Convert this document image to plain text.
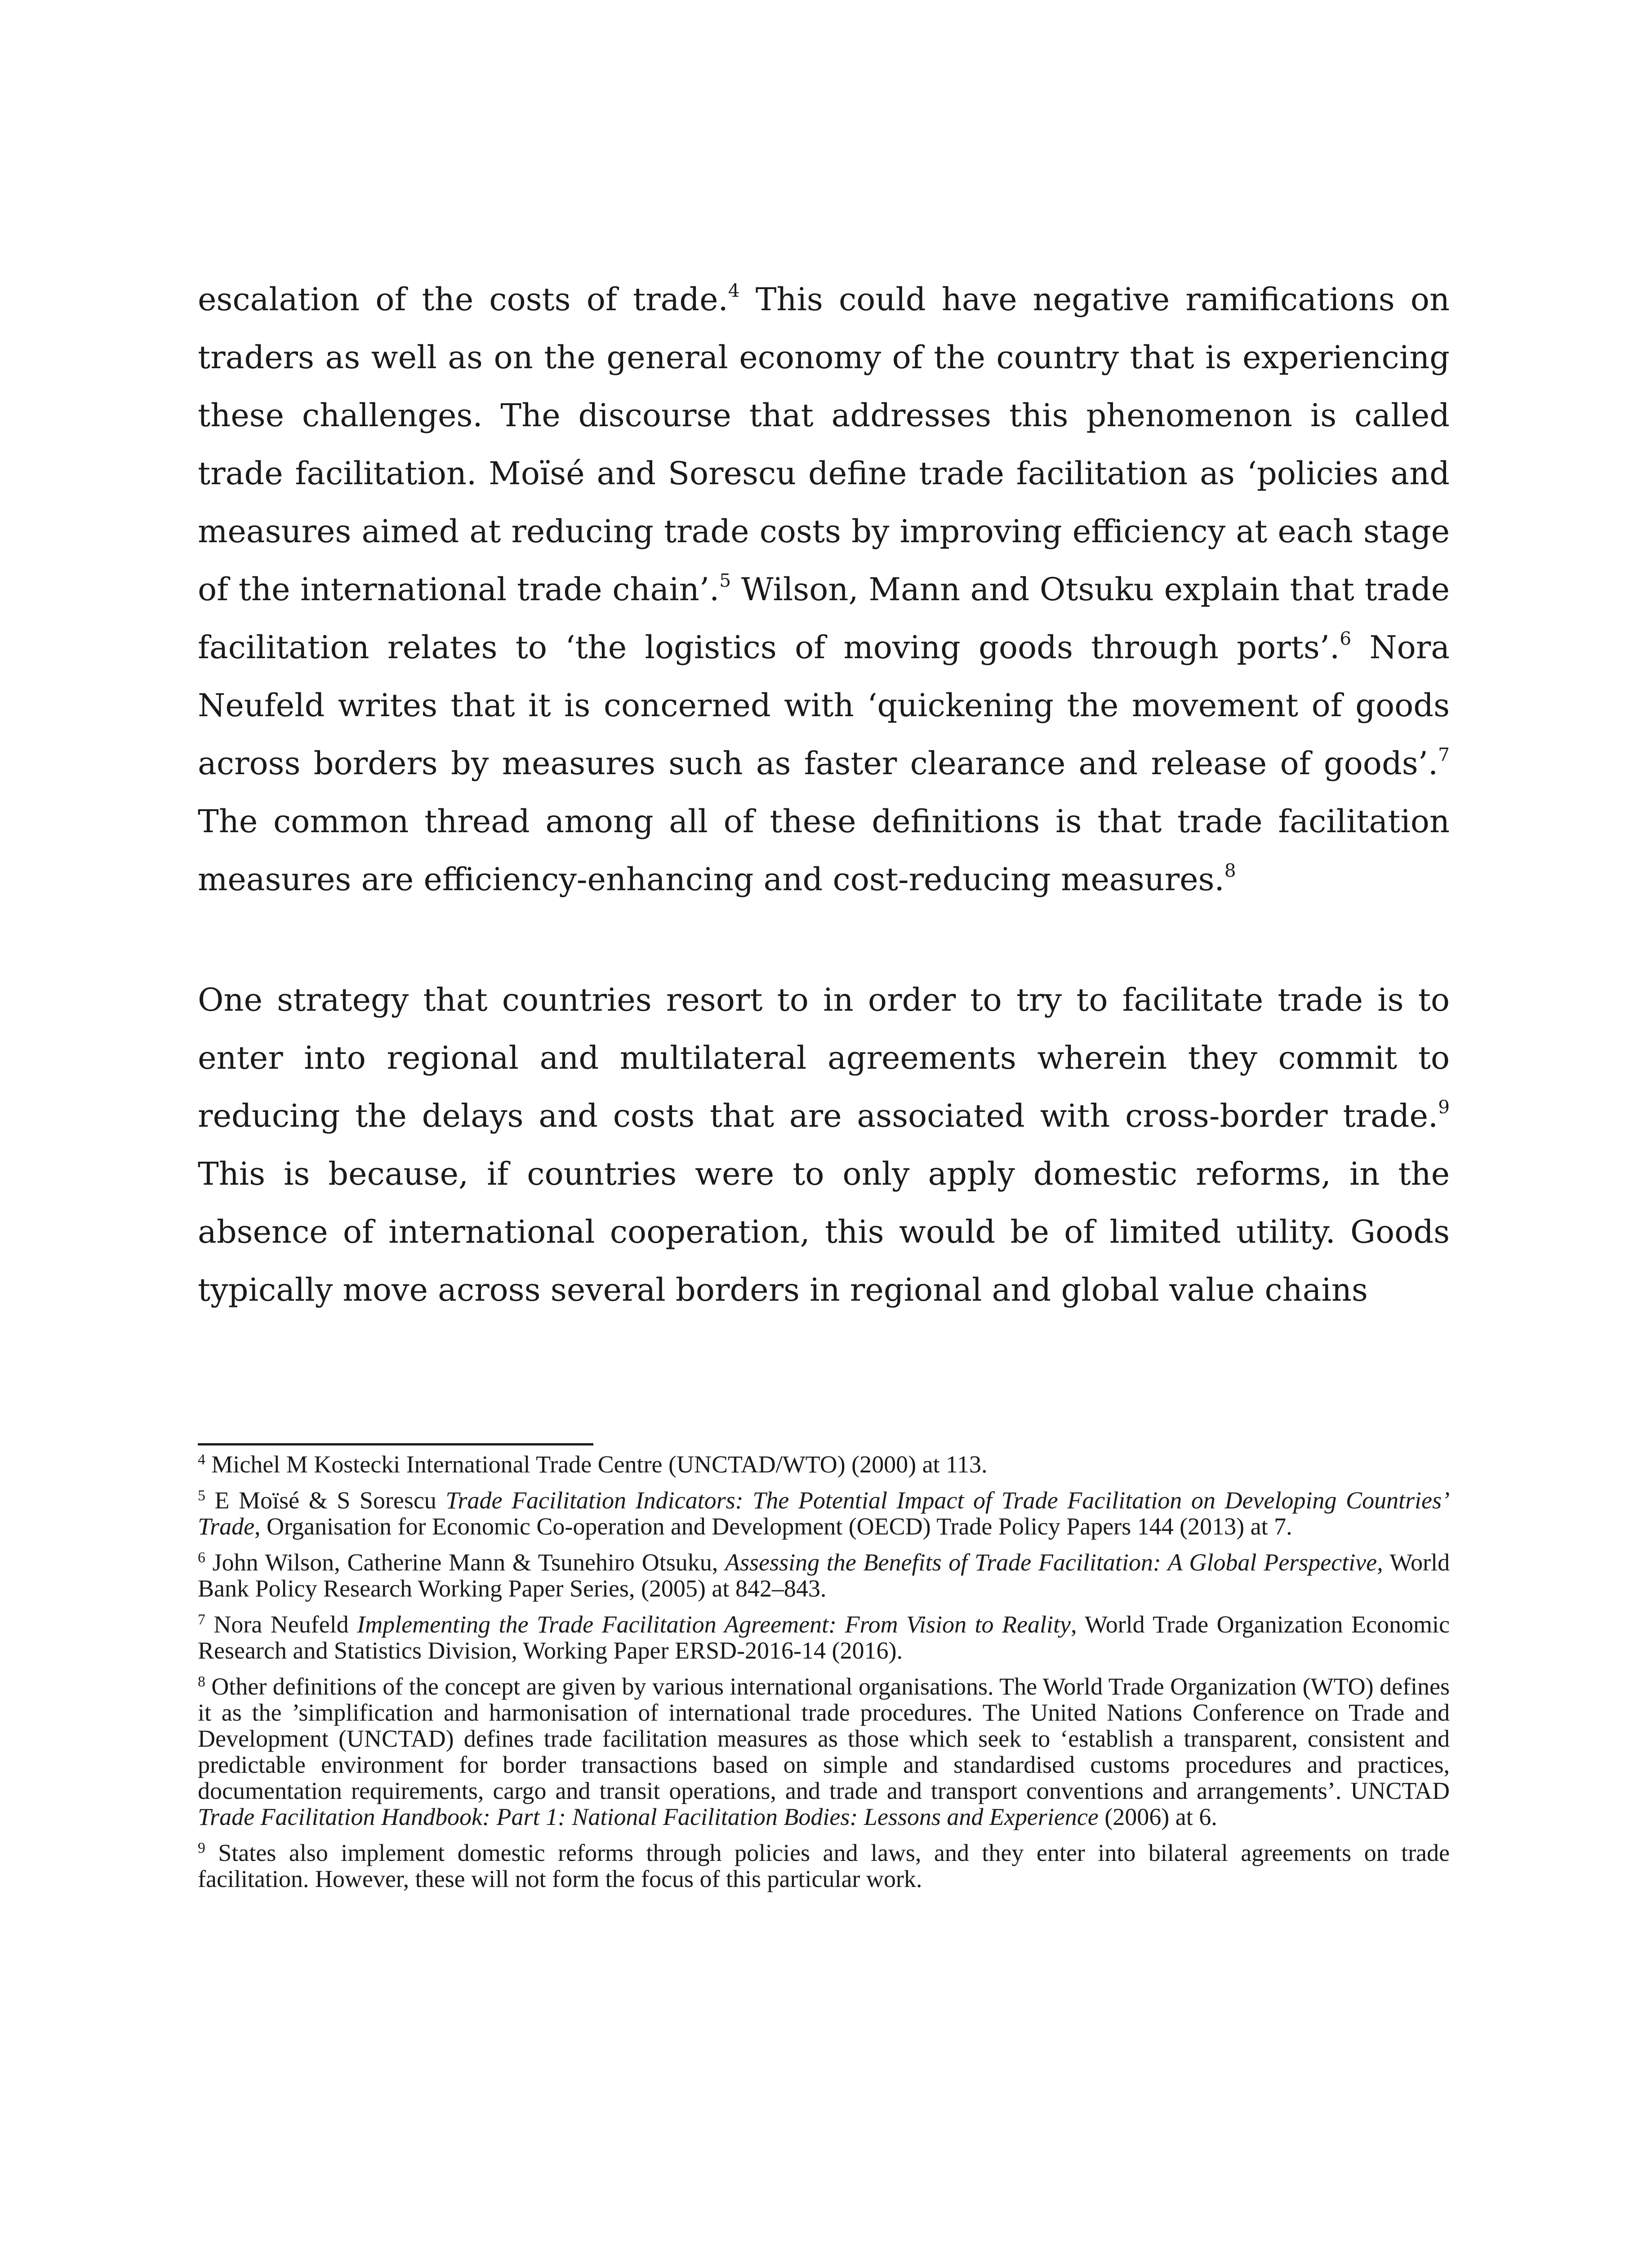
escalation of the costs of trade.$^4$ This could have negative ramifications on traders as well as on the general economy of the country that is experiencing these challenges. The discourse that addresses this phenomenon is called trade facilitation. Moïsé and Sorescu define trade facilitation as ‘policies and measures aimed at reducing trade costs by improving efficiency at each stage of the international trade chain’.$^5$ Wilson, Mann and Otsuku explain that trade facilitation relates to ‘the logistics of moving goods through ports’.$^6$ Nora Neufeld writes that it is concerned with ‘quickening the movement of goods across borders by measures such as faster clearance and release of goods’.$^7$ The common thread among all of these definitions is that trade facilitation measures are efficiency-enhancing and cost-reducing measures.$^8$

One strategy that countries resort to in order to try to facilitate trade is to enter into regional and multilateral agreements wherein they commit to reducing the delays and costs that are associated with cross-border trade.$^9$ This is because, if countries were to only apply domestic reforms, in the absence of international cooperation, this would be of limited utility. Goods typically move across several borders in regional and global value chains

$^4$ Michel M Kostecki International Trade Centre (UNCTAD/WTO) (2000) at 113.

$^5$ E Moïsé & S Sorescu Trade Facilitation Indicators: The Potential Impact of Trade Facilitation on Developing Countries’ Trade, Organisation for Economic Co-operation and Development (OECD) Trade Policy Papers 144 (2013) at 7.

$^6$ John Wilson, Catherine Mann & Tsunehiro Otsuku, Assessing the Benefits of Trade Facilitation: A Global Perspective, World Bank Policy Research Working Paper Series, (2005) at 842–843.

$^7$ Nora Neufeld Implementing the Trade Facilitation Agreement: From Vision to Reality, World Trade Organization Economic Research and Statistics Division, Working Paper ERSD-2016-14 (2016).

$^8$ Other definitions of the concept are given by various international organisations. The World Trade Organization (WTO) defines it as the ’simplification and harmonisation of international trade procedures. The United Nations Conference on Trade and Development (UNCTAD) defines trade facilitation measures as those which seek to ‘establish a transparent, consistent and predictable environment for border transactions based on simple and standardised customs procedures and practices, documentation requirements, cargo and transit operations, and trade and transport conventions and arrangements’. UNCTAD Trade Facilitation Handbook: Part 1: National Facilitation Bodies: Lessons and Experience (2006) at 6.

$^9$ States also implement domestic reforms through policies and laws, and they enter into bilateral agreements on trade facilitation. However, these will not form the focus of this particular work.
